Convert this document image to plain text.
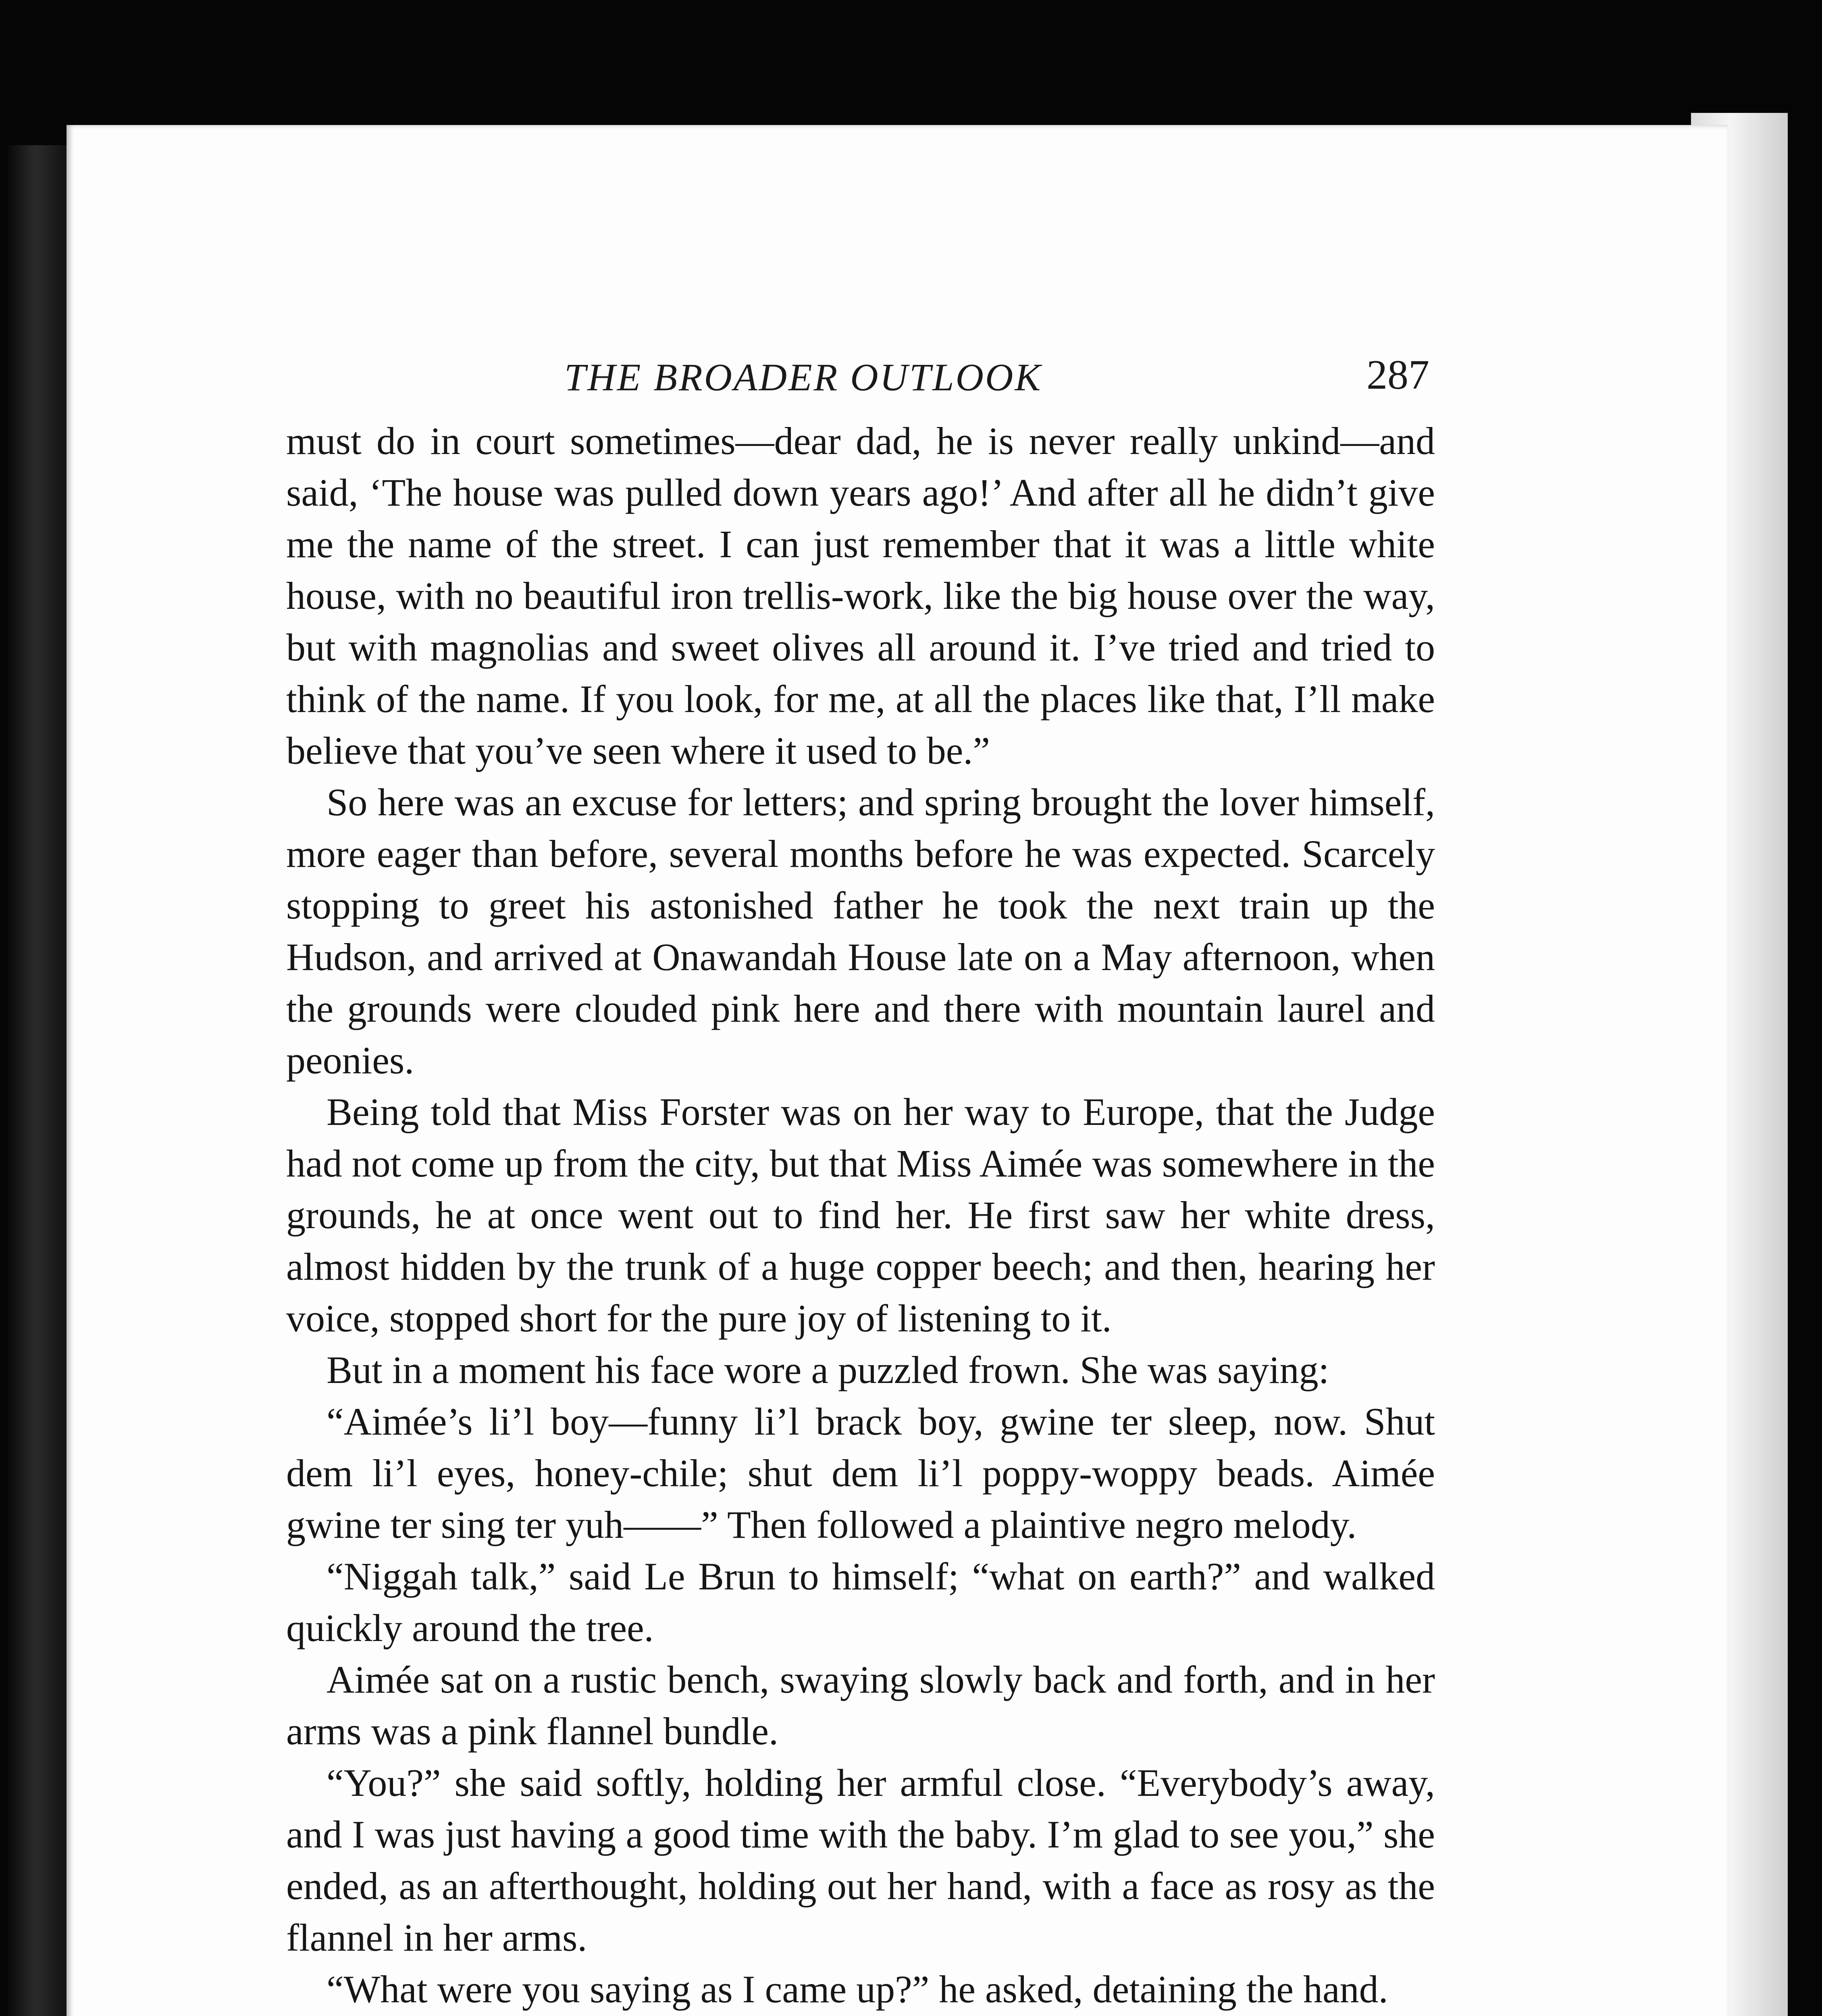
THE BROADER OUTLOOK	287

must do in court sometimes—dear dad, he is never really unkind—and said, ‘The house was pulled down years ago!’ And after all he didn’t give me the name of the street. I can just remember that it was a little white house, with no beautiful iron trellis-work, like the big house over the way, but with magnolias and sweet olives all around it. I’ve tried and tried to think of the name. If you look, for me, at all the places like that, I’ll make believe that you’ve seen where it used to be.”

So here was an excuse for letters; and spring brought the lover himself, more eager than before, several months before he was expected. Scarcely stopping to greet his astonished father he took the next train up the Hudson, and arrived at Onawandah House late on a May afternoon, when the grounds were clouded pink here and there with mountain laurel and peonies.

Being told that Miss Forster was on her way to Europe, that the Judge had not come up from the city, but that Miss Aimée was somewhere in the grounds, he at once went out to find her. He first saw her white dress, almost hidden by the trunk of a huge copper beech; and then, hearing her voice, stopped short for the pure joy of listening to it.

But in a moment his face wore a puzzled frown. She was saying:

“Aimée’s li’l boy—funny li’l brack boy, gwine ter sleep, now. Shut dem li’l eyes, honey-chile; shut dem li’l poppy-woppy beads. Aimée gwine ter sing ter yuh——” Then followed a plaintive negro melody.

“Niggah talk,” said Le Brun to himself; “what on earth?” and walked quickly around the tree.

Aimée sat on a rustic bench, swaying slowly back and forth, and in her arms was a pink flannel bundle.

“You?” she said softly, holding her armful close. “Everybody’s away, and I was just having a good time with the baby. I’m glad to see you,” she ended, as an afterthought, holding out her hand, with a face as rosy as the flannel in her arms.

“What were you saying as I came up?” he asked, detaining the hand.
